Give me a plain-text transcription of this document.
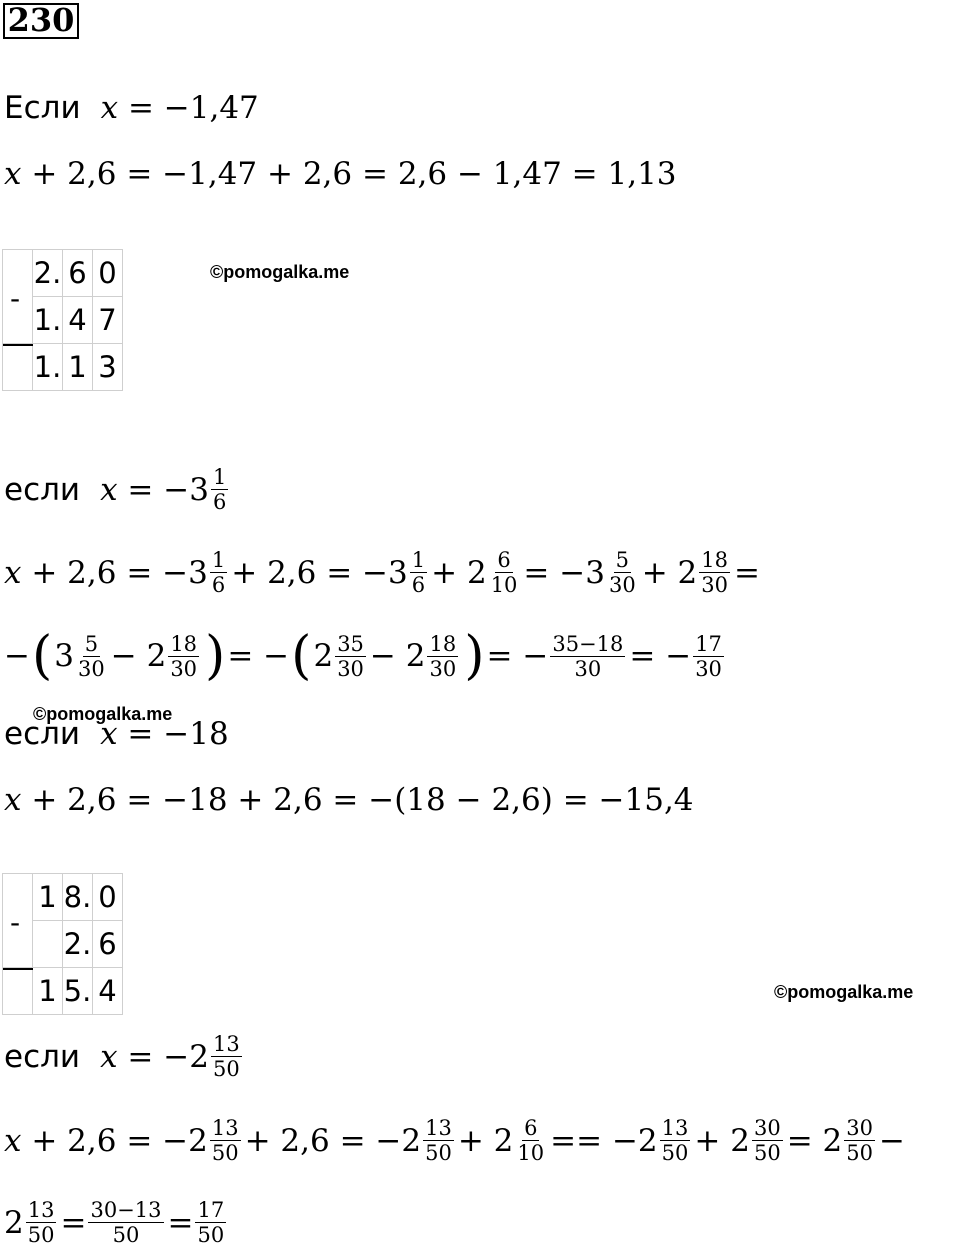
230
Если x
= −1,47
x
+ 2,6 = −1,47 + 2,6 = 2,6 − 1,47 = 1,13
	2.	6	0
	1.	4	7
	1.	1	3
-
©pomogalka.me
если x
= −3 1
6
x
+ 2,6 = −3 1
6 + 2,6 = −3 1
$6 + 2 \frac{6}{10} = -3$ 5
$30 + 2 \frac{18}{30}$ =
− ( 3 5
30 − 2 18
30 ) = − ( 2 35
30 − 2 18
30 ) = − $\frac{35-18}{30}$ = − $\frac{17}{30}$
©pomogalka.me
если x
= −18
x
+ 2,6 = −18 + 2,6 = −(18 − 2,6) = −15,4
	1	8.	0
		2.	6
	1	5.	4
-
©pomogalka.me
если x
= −2 13
50
x
+ 2,6 = −2 13
50 + 2,6 = −2 13
$50 + 2 \frac{6}{10} == -2$ 13
$50 + 2 \frac{30}{50} = 2$ 30
50 −
$2 \frac{13}{50} = \frac{30-13}{50} = \frac{17}{50}$
